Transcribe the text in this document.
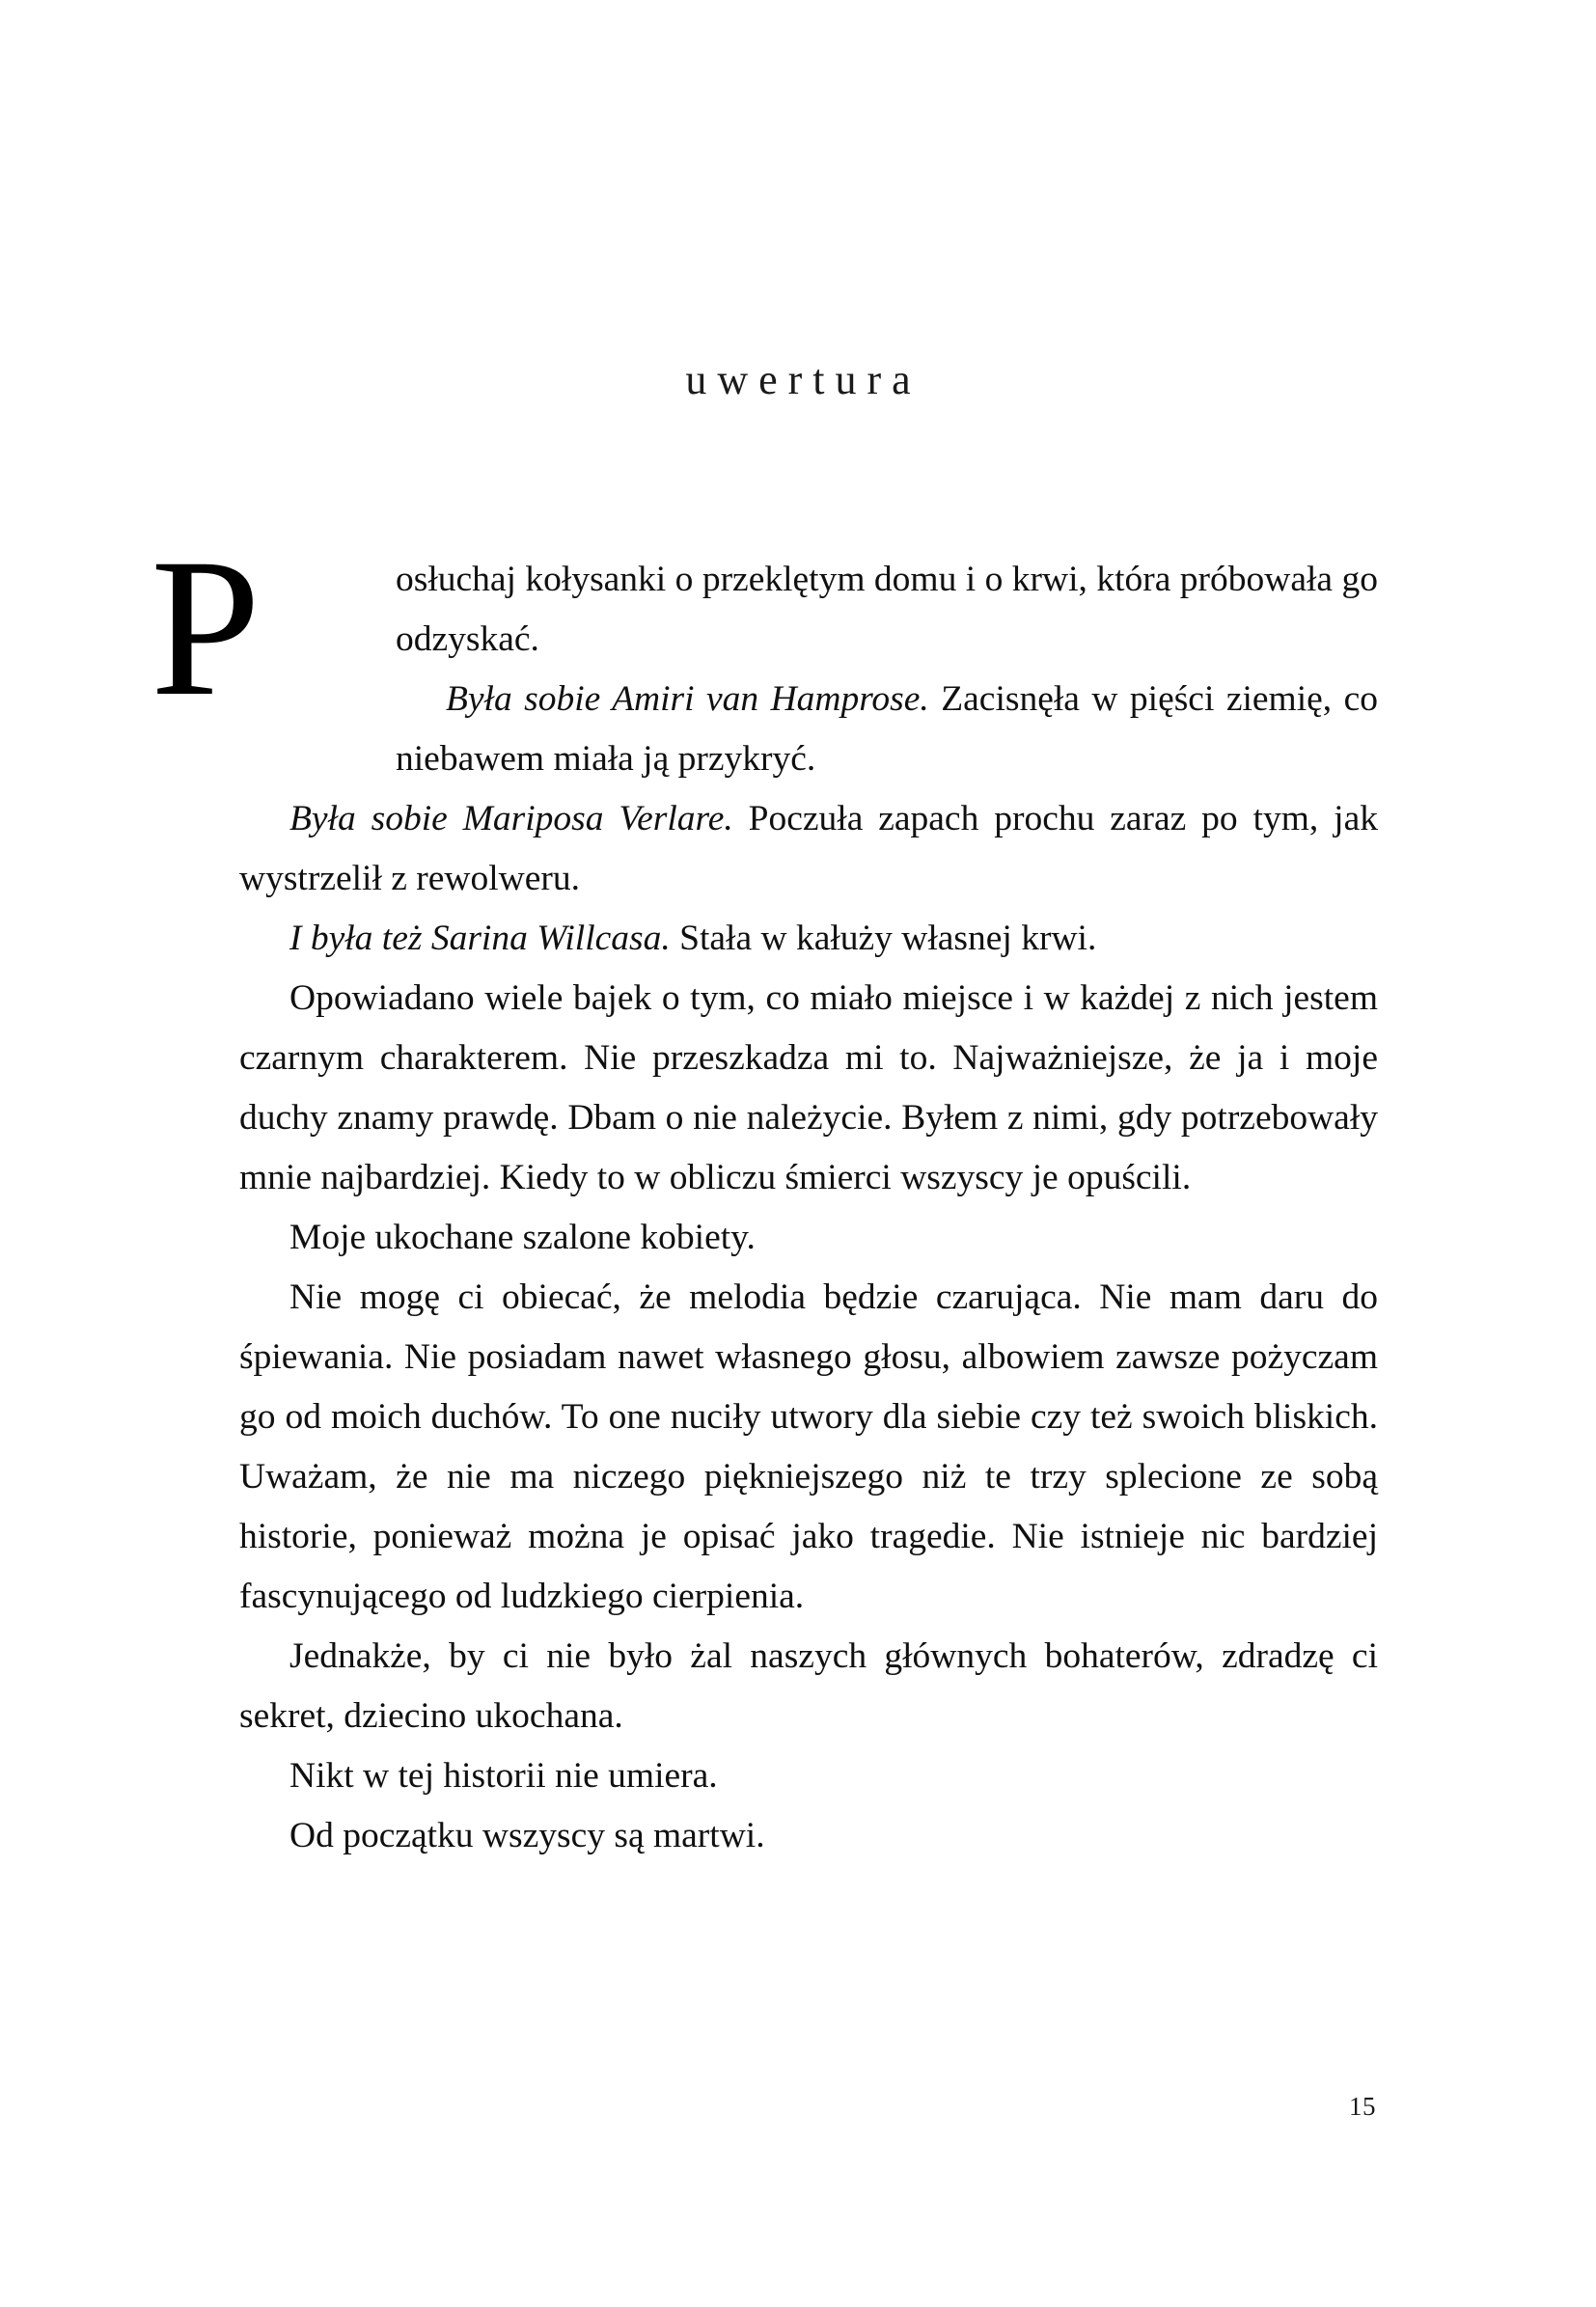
uwertura
P	osłuchaj kołysanki o przeklętym domu i o krwi, która próbowała go odzyskać.

Była sobie Amiri van Hamprose. Zacisnęła w pięści ziemię, co niebawem miała ją przykryć.

Była sobie Mariposa Verlare. Poczuła zapach prochu zaraz po tym, jak wystrzelił z rewolweru.

I była też Sarina Willcasa. Stała w kałuży własnej krwi.

Opowiadano wiele bajek o tym, co miało miejsce i w każdej z nich jestem czarnym charakterem. Nie przeszkadza mi to. Najważniejsze, że ja i moje duchy znamy prawdę. Dbam o nie należycie. Byłem z nimi, gdy potrzebowały mnie najbardziej. Kiedy to w obliczu śmierci wszyscy je opuścili.

Moje ukochane szalone kobiety.

Nie mogę ci obiecać, że melodia będzie czarująca. Nie mam daru do śpiewania. Nie posiadam nawet własnego głosu, albowiem zawsze pożyczam go od moich duchów. To one nuciły utwory dla siebie czy też swoich bliskich. Uważam, że nie ma niczego piękniejszego niż te trzy splecione ze sobą historie, ponieważ można je opisać jako tragedie. Nie istnieje nic bardziej fascynującego od ludzkiego cierpienia.

Jednakże, by ci nie było żal naszych głównych bohaterów, zdradzę ci sekret, dziecino ukochana.

Nikt w tej historii nie umiera.

Od początku wszyscy są martwi.

15
